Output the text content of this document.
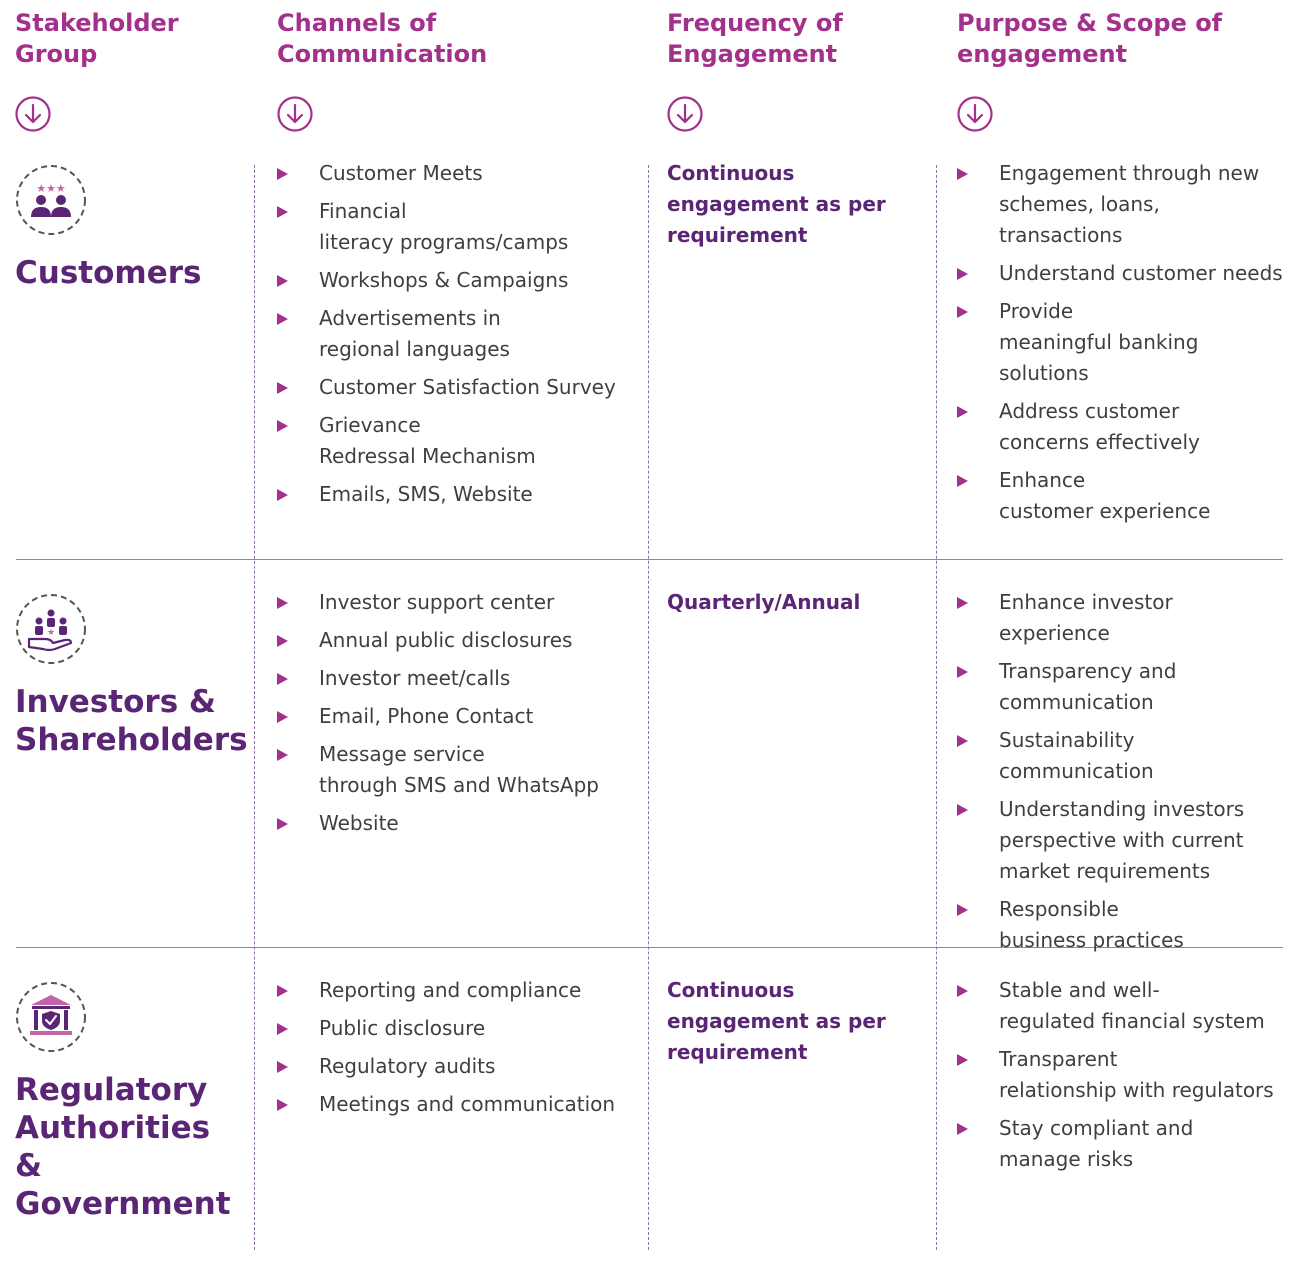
Stakeholder
Group

Channels of
Communication

Frequency of
Engagement

Purpose & Scope of
engagement

★★★

Customers

Customer Meets
Financial
literacy programs/camps
Workshops & Campaigns
Advertisements in
regional languages
Customer Satisfaction Survey
Grievance
Redressal Mechanism
Emails, SMS, Website

Continuous
engagement as per
requirement

Engagement through new
schemes, loans, transactions
Understand customer needs
Provide
meaningful banking solutions
Address customer
concerns effectively
Enhance
customer experience
★

Investors &
Shareholders

Investor support center
Annual public disclosures
Investor meet/calls
Email, Phone Contact
Message service
through SMS and WhatsApp
Website

Quarterly/Annual	Enhance investor experience
Transparency and
communication
Sustainability communication
Understanding investors
perspective with current
market requirements
Responsible
business practices

Regulatory
Authorities &
Government

Reporting and compliance
Public disclosure
Regulatory audits
Meetings and communication

Continuous
engagement as per
requirement

Stable and well-
regulated financial system
Transparent
relationship with regulators
Stay compliant and
manage risks
